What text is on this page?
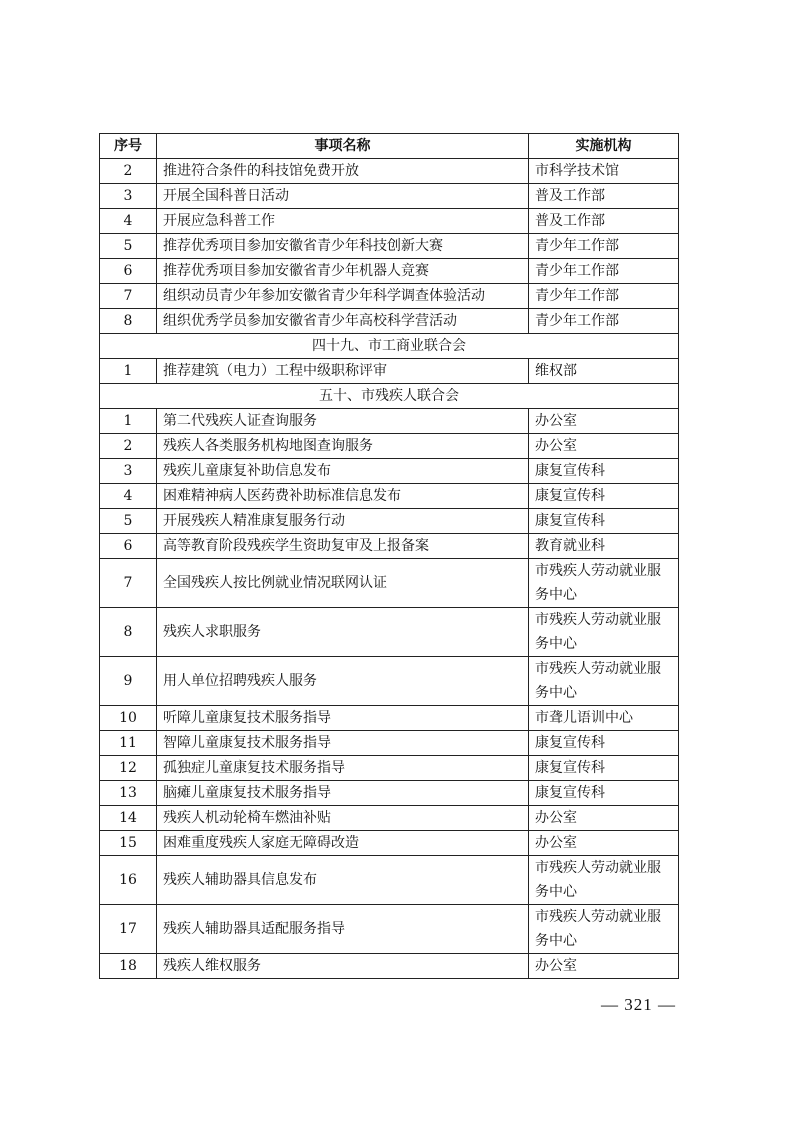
序号	事项名称	实施机构
2	推进符合条件的科技馆免费开放	市科学技术馆
3	开展全国科普日活动	普及工作部
4	开展应急科普工作	普及工作部
5	推荐优秀项目参加安徽省青少年科技创新大赛	青少年工作部
6	推荐优秀项目参加安徽省青少年机器人竞赛	青少年工作部
7	组织动员青少年参加安徽省青少年科学调查体验活动	青少年工作部
8	组织优秀学员参加安徽省青少年高校科学营活动	青少年工作部
四十九、市工商业联合会		
1	推荐建筑（电力）工程中级职称评审	维权部
五十、市残疾人联合会		
1	第二代残疾人证查询服务	办公室
2	残疾人各类服务机构地图查询服务	办公室
3	残疾儿童康复补助信息发布	康复宣传科
4	困难精神病人医药费补助标准信息发布	康复宣传科
5	开展残疾人精准康复服务行动	康复宣传科
6	高等教育阶段残疾学生资助复审及上报备案	教育就业科
7	全国残疾人按比例就业情况联网认证	市残疾人劳动就业服务中心
8	残疾人求职服务	市残疾人劳动就业服务中心
9	用人单位招聘残疾人服务	市残疾人劳动就业服务中心
10	听障儿童康复技术服务指导	市聋儿语训中心
11	智障儿童康复技术服务指导	康复宣传科
12	孤独症儿童康复技术服务指导	康复宣传科
13	脑瘫儿童康复技术服务指导	康复宣传科
14	残疾人机动轮椅车燃油补贴	办公室
15	困难重度残疾人家庭无障碍改造	办公室
16	残疾人辅助器具信息发布	市残疾人劳动就业服务中心
17	残疾人辅助器具适配服务指导	市残疾人劳动就业服务中心
18	残疾人维权服务	办公室
— 321 —
